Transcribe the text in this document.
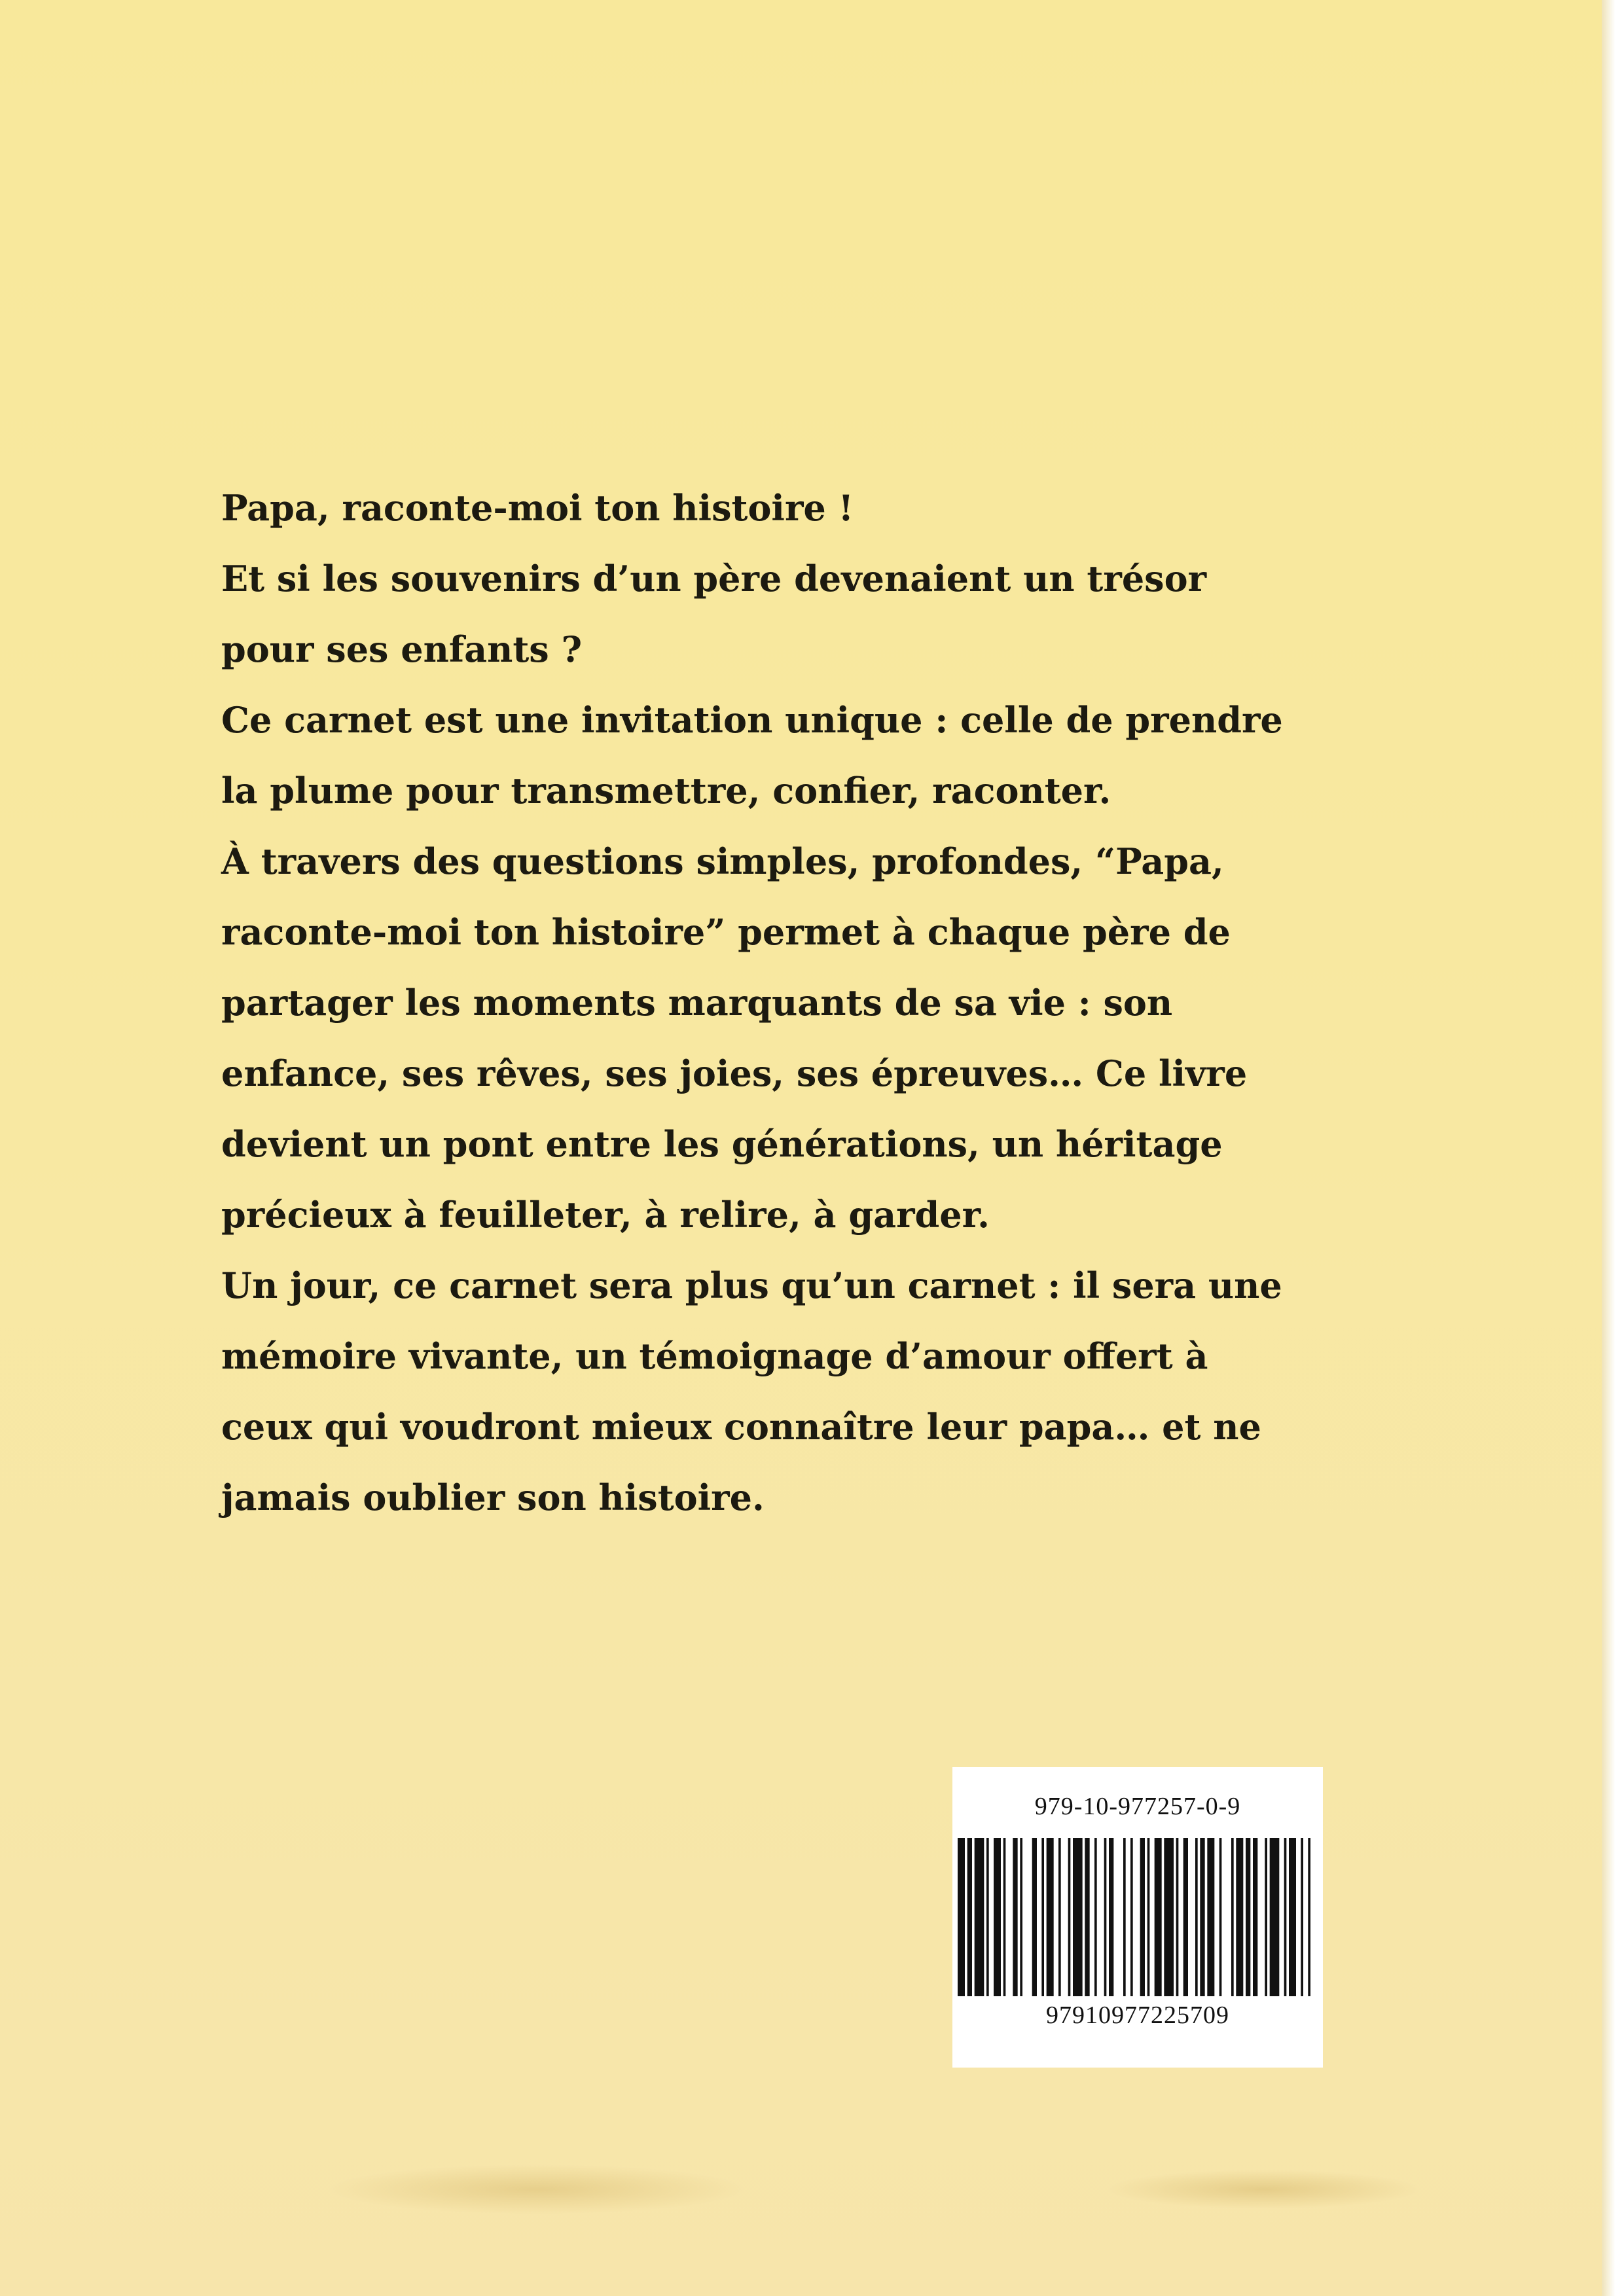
Papa, raconte-moi ton histoire !

Et si les souvenirs d’un père devenaient un trésor pour ses enfants ?

Ce carnet est une invitation unique : celle de prendre la plume pour transmettre, confier, raconter.

À travers des questions simples, profondes, “Papa, raconte-moi ton histoire” permet à chaque père de partager les moments marquants de sa vie : son enfance, ses rêves, ses joies, ses épreuves… Ce livre devient un pont entre les générations, un héritage précieux à feuilleter, à relire, à garder.

Un jour, ce carnet sera plus qu’un carnet : il sera une mémoire vivante, un témoignage d’amour offert à ceux qui voudront mieux connaître leur papa… et ne jamais oublier son histoire.

979-10-977257-0-9
97910977225709
